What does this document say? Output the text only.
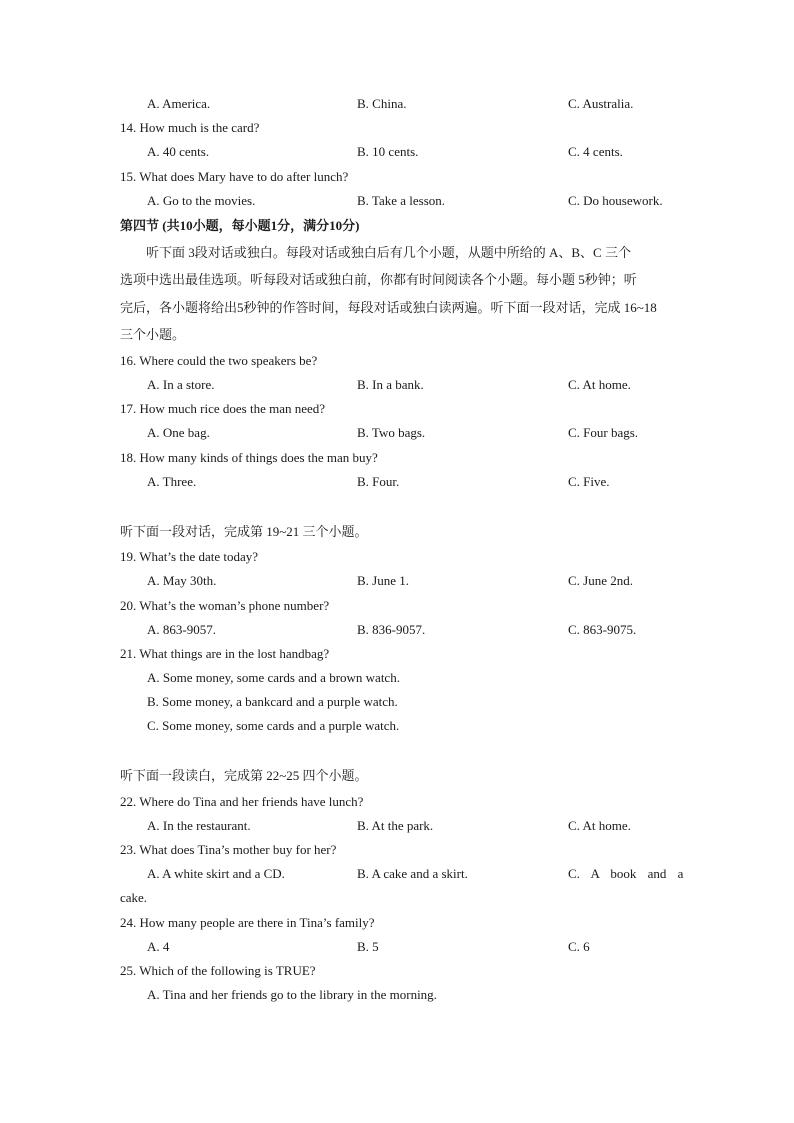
A. America.	B. China.	C. Australia.
14. How much is the card?
A. 40 cents.	B. 10 cents.	C. 4 cents.
15. What does Mary have to do after lunch?
A. Go to the movies.	B. Take a lesson.	C. Do housework.
第四节 (共10小题，每小题1分，满分10分)

听下面 3段对话或独白。每段对话或独白后有几个小题，从题中所给的 A、B、C 三个

选项中选出最佳选项。听每段对话或独白前，你都有时间阅读各个小题。每小题 5秒钟；听

完后，各小题将给出5秒钟的作答时间，每段对话或独白读两遍。听下面一段对话，完成 16~18

三个小题。

16. Where could the two speakers be?
A. In a store.	B. In a bank.	C. At home.
17. How much rice does the man need?
A. One bag.	B. Two bags.	C. Four bags.
18. How many kinds of things does the man buy?
A. Three.	B. Four.	C. Five.
听下面一段对话，完成第 19~21 三个小题。
19. What’s the date today?
A. May 30th.	B. June 1.	C. June 2nd.
20. What’s the woman’s phone number?
A. 863-9057.	B. 836-9057.	C. 863-9075.
21. What things are in the lost handbag?
A. Some money, some cards and a brown watch.
B. Some money, a bankcard and a purple watch.
C. Some money, some cards and a purple watch.
听下面一段读白，完成第 22~25 四个小题。
22. Where do Tina and her friends have lunch?
A. In the restaurant.	B. At the park.	C. At home.
23. What does Tina’s mother buy for her?
A. A white skirt and a CD.	B. A cake and a skirt.	C. A book and a
cake.
24. How many people are there in Tina’s family?
A. 4	B. 5	C. 6
25. Which of the following is TRUE?
A. Tina and her friends go to the library in the morning.
